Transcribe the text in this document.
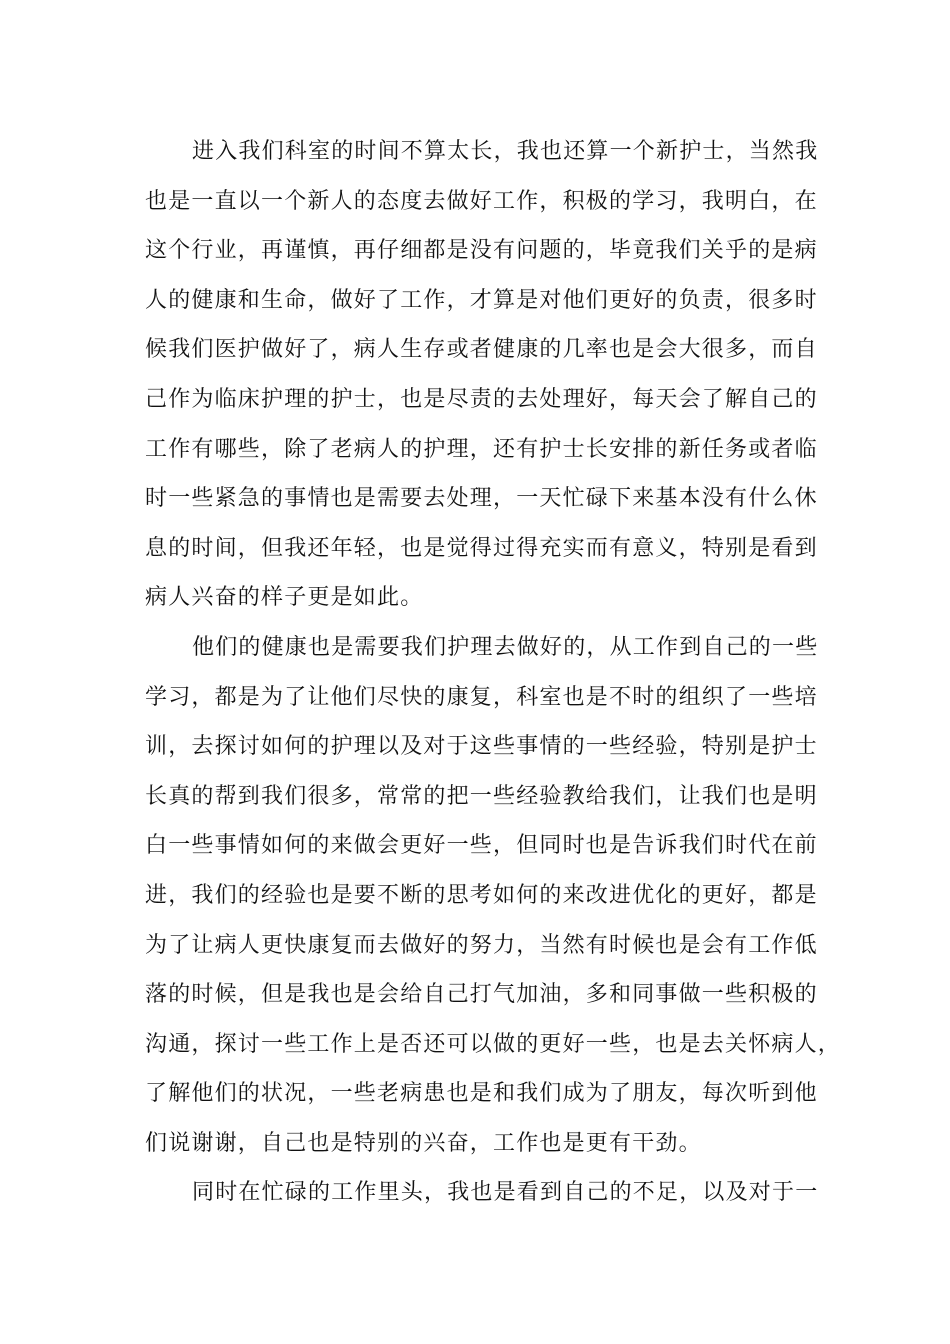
进入我们科室的时间不算太长，我也还算一个新护士，当然我
也是一直以一个新人的态度去做好工作，积极的学习，我明白，在
这个行业，再谨慎，再仔细都是没有问题的，毕竟我们关乎的是病
人的健康和生命，做好了工作，才算是对他们更好的负责，很多时
候我们医护做好了，病人生存或者健康的几率也是会大很多，而自
己作为临床护理的护士，也是尽责的去处理好，每天会了解自己的
工作有哪些，除了老病人的护理，还有护士长安排的新任务或者临
时一些紧急的事情也是需要去处理，一天忙碌下来基本没有什么休
息的时间，但我还年轻，也是觉得过得充实而有意义，特别是看到
病人兴奋的样子更是如此。
他们的健康也是需要我们护理去做好的，从工作到自己的一些
学习，都是为了让他们尽快的康复，科室也是不时的组织了一些培
训，去探讨如何的护理以及对于这些事情的一些经验，特别是护士
长真的帮到我们很多，常常的把一些经验教给我们，让我们也是明
白一些事情如何的来做会更好一些，但同时也是告诉我们时代在前
进，我们的经验也是要不断的思考如何的来改进优化的更好，都是
为了让病人更快康复而去做好的努力，当然有时候也是会有工作低
落的时候，但是我也是会给自己打气加油，多和同事做一些积极的
沟通，探讨一些工作上是否还可以做的更好一些，也是去关怀病人，
了解他们的状况，一些老病患也是和我们成为了朋友，每次听到他
们说谢谢，自己也是特别的兴奋，工作也是更有干劲。
同时在忙碌的工作里头，我也是看到自己的不足，以及对于一
